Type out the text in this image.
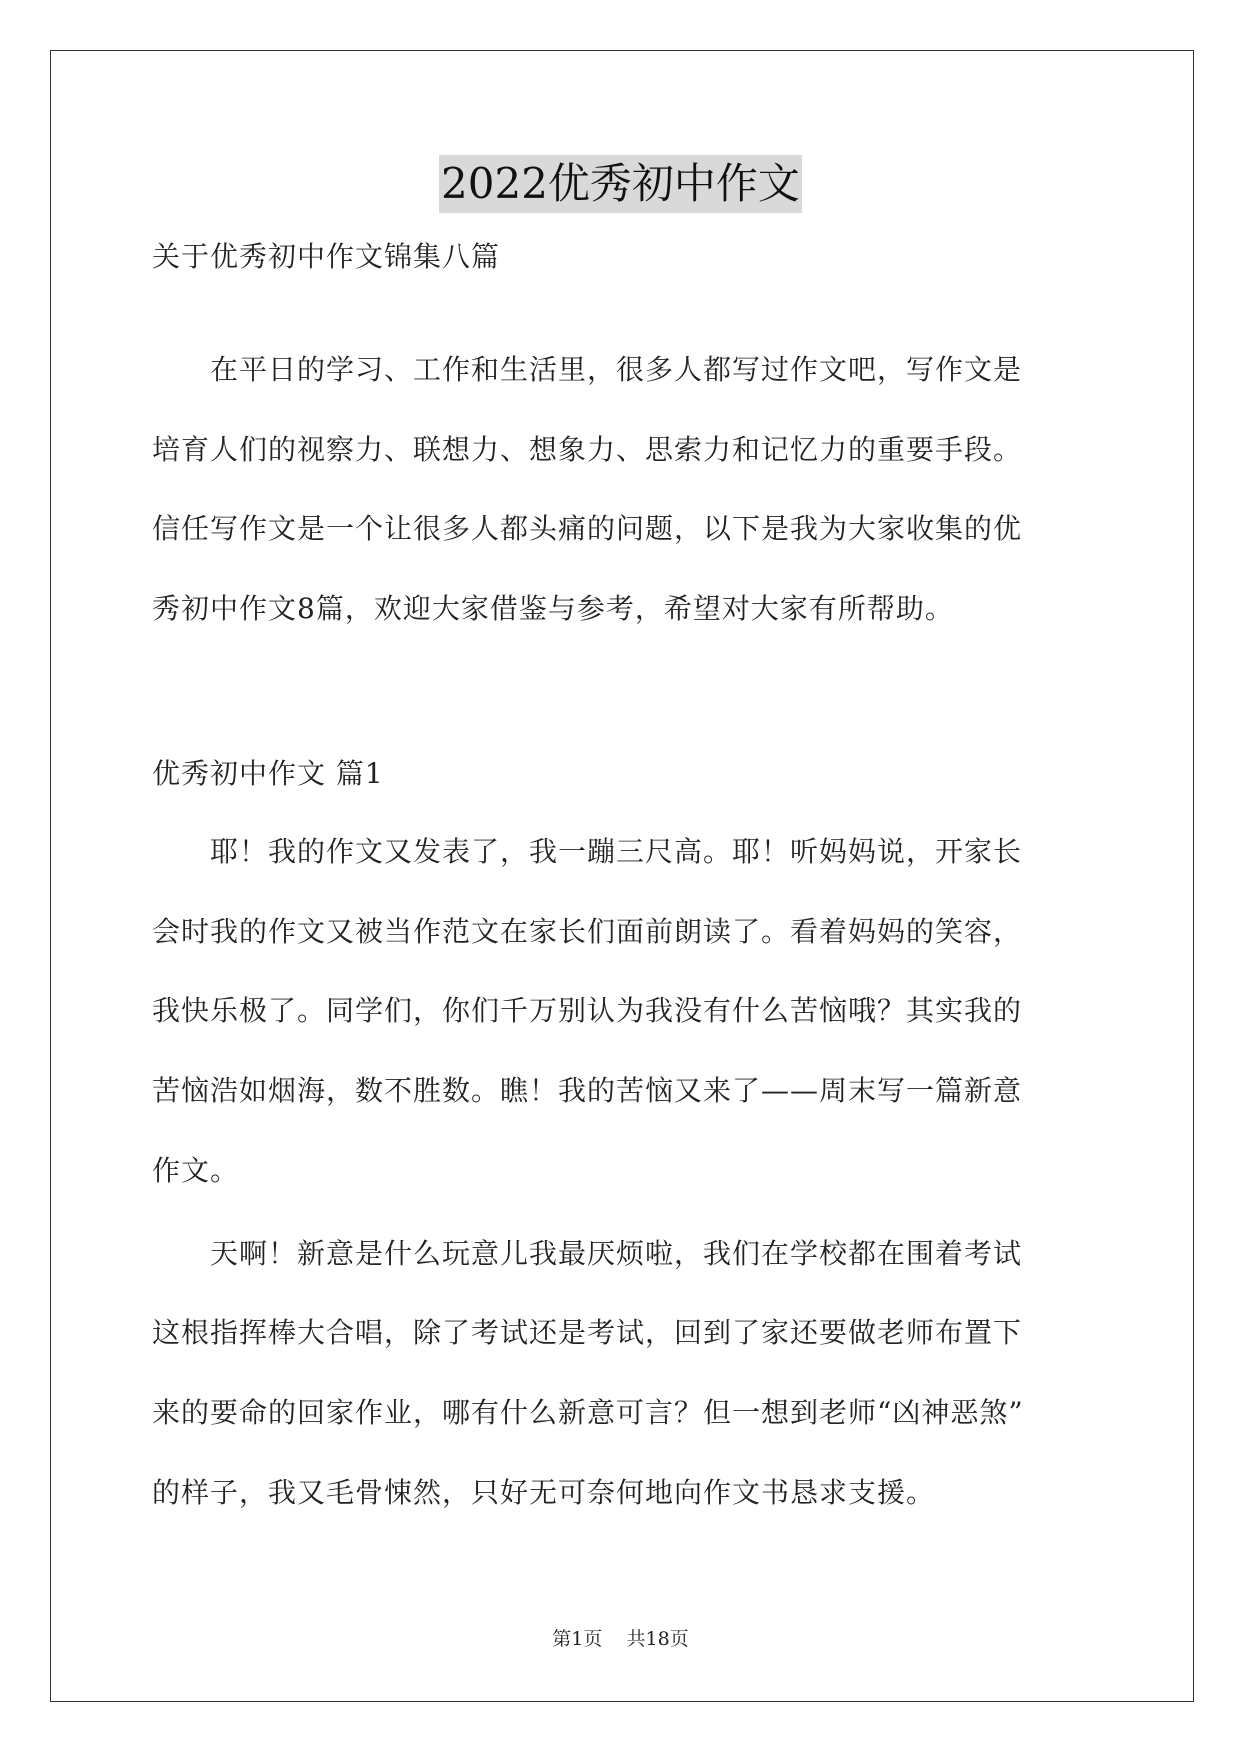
2022优秀初中作文
关于优秀初中作文锦集八篇
　　在平日的学习、工作和生活里，很多人都写过作文吧，写作文是
培育人们的视察力、联想力、想象力、思索力和记忆力的重要手段。
信任写作文是一个让很多人都头痛的问题，以下是我为大家收集的优
秀初中作文8篇，欢迎大家借鉴与参考，希望对大家有所帮助。
优秀初中作文 篇1
　　耶！我的作文又发表了，我一蹦三尺高。耶！听妈妈说，开家长
会时我的作文又被当作范文在家长们面前朗读了。看着妈妈的笑容，
我快乐极了。同学们，你们千万别认为我没有什么苦恼哦？其实我的
苦恼浩如烟海，数不胜数。瞧！我的苦恼又来了——周末写一篇新意
作文。
　　天啊！新意是什么玩意儿我最厌烦啦，我们在学校都在围着考试
这根指挥棒大合唱，除了考试还是考试，回到了家还要做老师布置下
来的要命的回家作业，哪有什么新意可言？但一想到老师“凶神恶煞”
的样子，我又毛骨悚然，只好无可奈何地向作文书恳求支援。
第1页 共18页
